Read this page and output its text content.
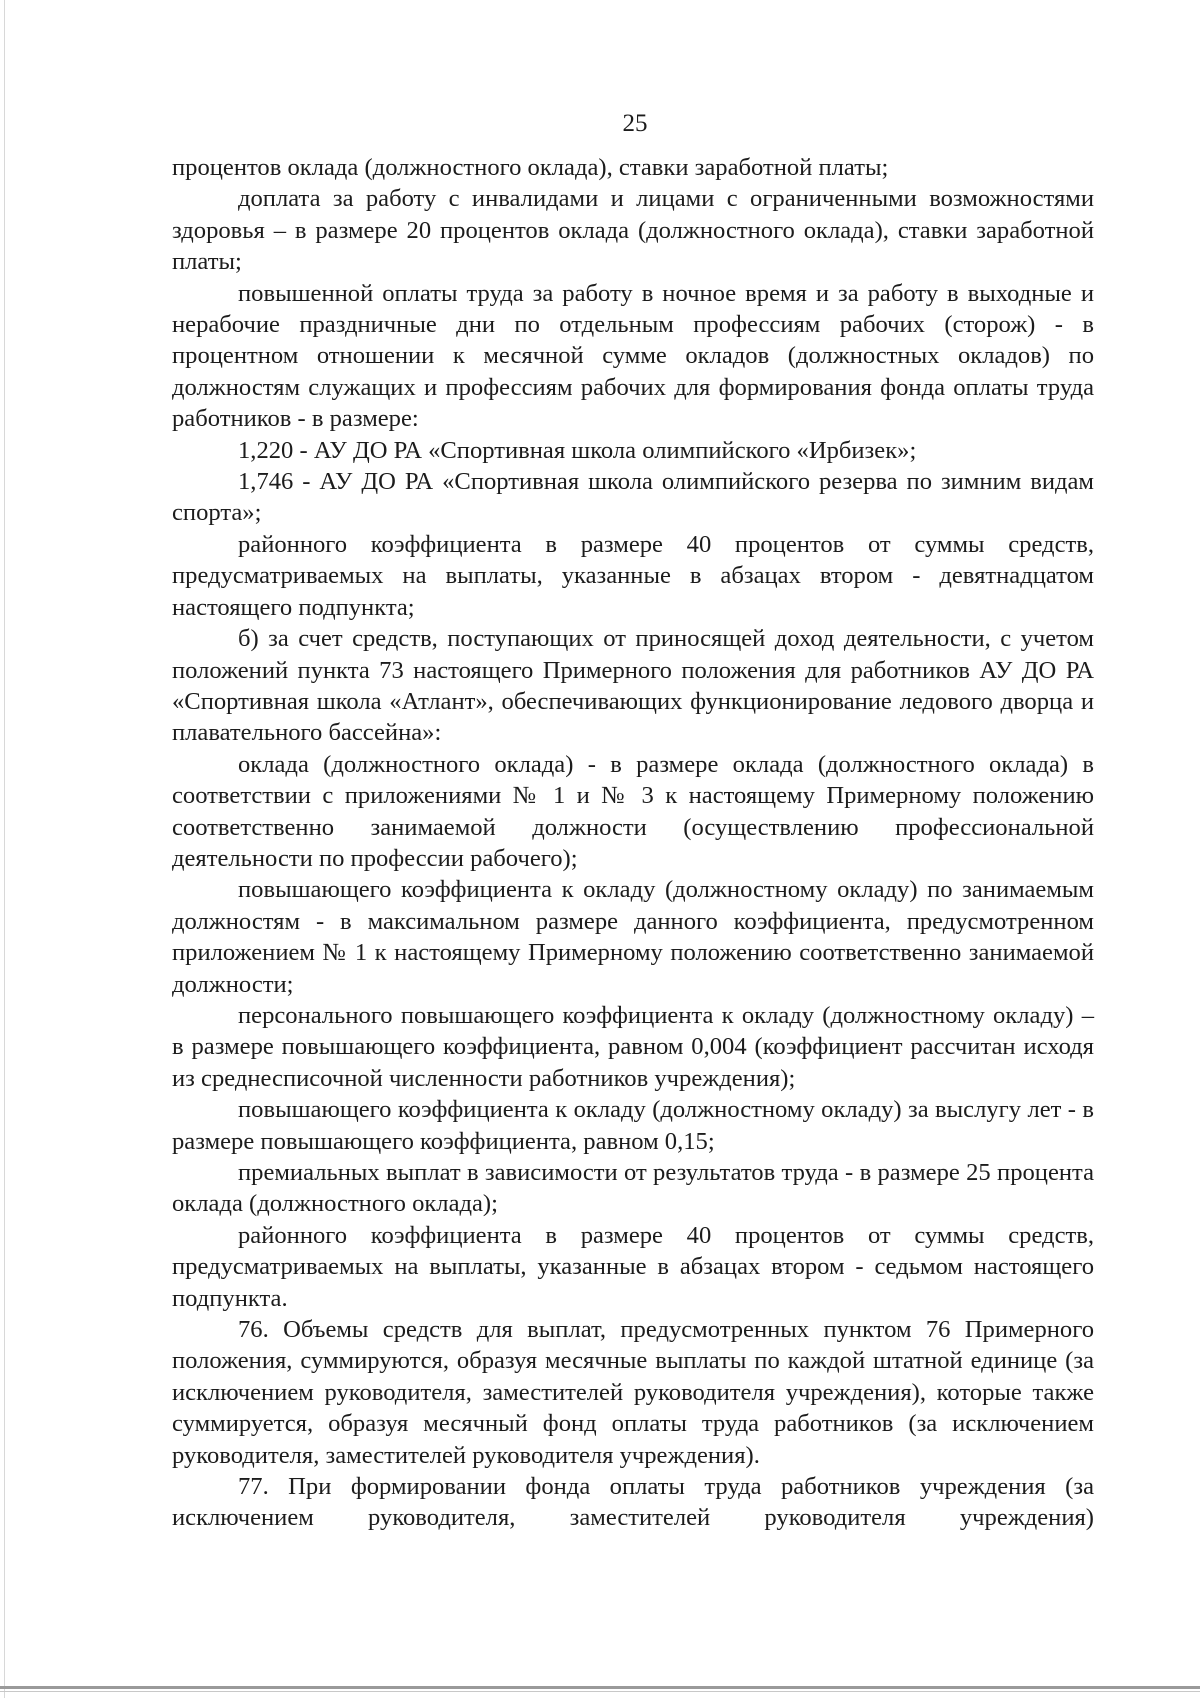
25

процентов оклада (должностного оклада), ставки заработной платы;

доплата за работу с инвалидами и лицами с ограниченными возможностями здоровья – в размере 20 процентов оклада (должностного оклада), ставки заработной платы;

повышенной оплаты труда за работу в ночное время и за работу в выходные и нерабочие праздничные дни по отдельным профессиям рабочих (сторож) - в процентном отношении к месячной сумме окладов (должностных окладов) по должностям служащих и профессиям рабочих для формирования фонда оплаты труда работников - в размере:

1,220 - АУ ДО РА «Спортивная школа олимпийского «Ирбизек»;

1,746 - АУ ДО РА «Спортивная школа олимпийского резерва по зимним видам спорта»;

районного коэффициента в размере 40 процентов от суммы средств, предусматриваемых на выплаты, указанные в абзацах втором - девятнадцатом настоящего подпункта;

б) за счет средств, поступающих от приносящей доход деятельности, с учетом положений пункта 73 настоящего Примерного положения для работников АУ ДО РА «Спортивная школа «Атлант», обеспечивающих функционирование ледового дворца и плавательного бассейна»:

оклада (должностного оклада) - в размере оклада (должностного оклада) в соответствии с приложениями № 1 и № 3 к настоящему Примерному положению соответственно занимаемой должности (осуществлению профессиональной деятельности по профессии рабочего);

повышающего коэффициента к окладу (должностному окладу) по занимаемым должностям - в максимальном размере данного коэффициента, предусмотренном приложением № 1 к настоящему Примерному положению соответственно занимаемой должности;

персонального повышающего коэффициента к окладу (должностному окладу) – в размере повышающего коэффициента, равном 0,004 (коэффициент рассчитан исходя из среднесписочной численности работников учреждения);

повышающего коэффициента к окладу (должностному окладу) за выслугу лет - в размере повышающего коэффициента, равном 0,15;

премиальных выплат в зависимости от результатов труда - в размере 25 процента оклада (должностного оклада);

районного коэффициента в размере 40 процентов от суммы средств, предусматриваемых на выплаты, указанные в абзацах втором - седьмом настоящего подпункта.

76. Объемы средств для выплат, предусмотренных пунктом 76 Примерного положения, суммируются, образуя месячные выплаты по каждой штатной единице (за исключением руководителя, заместителей руководителя учреждения), которые также суммируется, образуя месячный фонд оплаты труда работников (за исключением руководителя, заместителей руководителя учреждения).

77. При формировании фонда оплаты труда работников учреждения (за исключением руководителя, заместителей руководителя учреждения)
